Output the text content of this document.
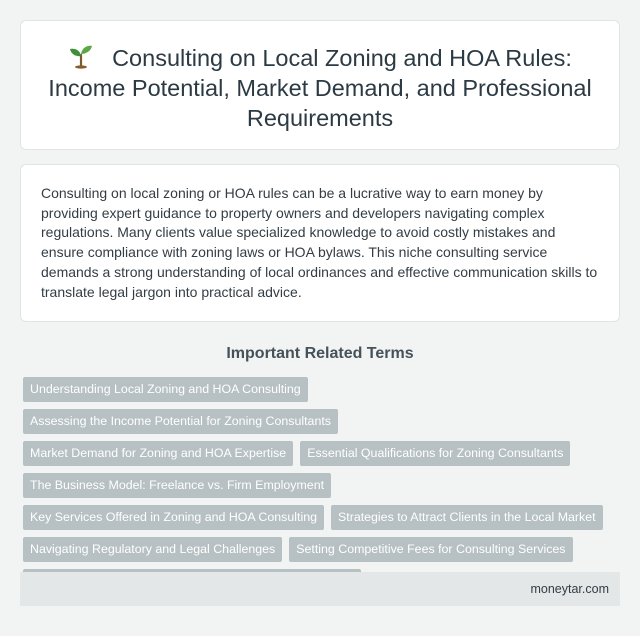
Consulting on Local Zoning and HOA Rules: Income Potential, Market Demand, and Professional Requirements

Consulting on local zoning or HOA rules can be a lucrative way to earn money by providing expert guidance to property owners and developers navigating complex regulations. Many clients value specialized knowledge to avoid costly mistakes and ensure compliance with zoning laws or HOA bylaws. This niche consulting service demands a strong understanding of local ordinances and effective communication skills to translate legal jargon into practical advice.

Important Related Terms
Understanding Local Zoning and HOA Consulting
Assessing the Income Potential for Zoning Consultants
Market Demand for Zoning and HOA Expertise	Essential Qualifications for Zoning Consultants
The Business Model: Freelance vs. Firm Employment
Key Services Offered in Zoning and HOA Consulting	Strategies to Attract Clients in the Local Market
Navigating Regulatory and Legal Challenges	Setting Competitive Fees for Consulting Services
moneytar.com
